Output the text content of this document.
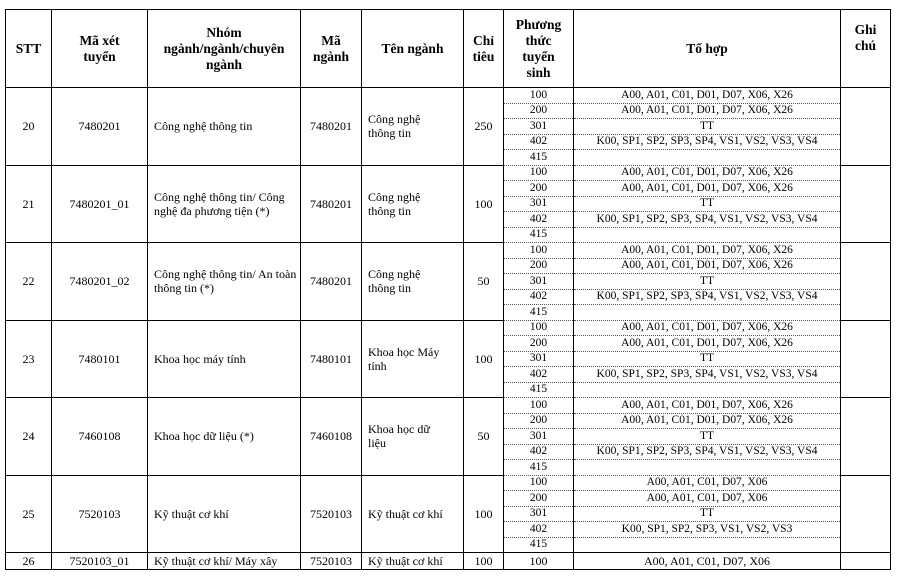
STT	Mã xét tuyển	Nhóm ngành/ngành/chuyên ngành	Mã ngành	Tên ngành	Chỉ tiêu	Phương thức tuyển sinh	Tổ hợp	Ghi chú
20	7480201	Công nghệ thông tin	7480201	Công nghệ thông tin	250	100	A00, A01, C01, D01, D07, X06, X26	
						200	A00, A01, C01, D01, D07, X06, X26	
						301	TT	
						402	K00, SP1, SP2, SP3, SP4, VS1, VS2, VS3, VS4	
						415		
21	7480201_01	Công nghệ thông tin/ Công nghệ đa phương tiện (*)	7480201	Công nghệ thông tin	100	100	A00, A01, C01, D01, D07, X06, X26	
						200	A00, A01, C01, D01, D07, X06, X26	
						301	TT	
						402	K00, SP1, SP2, SP3, SP4, VS1, VS2, VS3, VS4	
						415		
22	7480201_02	Công nghệ thông tin/ An toàn thông tin (*)	7480201	Công nghệ thông tin	50	100	A00, A01, C01, D01, D07, X06, X26	
						200	A00, A01, C01, D01, D07, X06, X26	
						301	TT	
						402	K00, SP1, SP2, SP3, SP4, VS1, VS2, VS3, VS4	
						415		
23	7480101	Khoa học máy tính	7480101	Khoa học Máy tính	100	100	A00, A01, C01, D01, D07, X06, X26	
						200	A00, A01, C01, D01, D07, X06, X26	
						301	TT	
						402	K00, SP1, SP2, SP3, SP4, VS1, VS2, VS3, VS4	
						415		
24	7460108	Khoa học dữ liệu (*)	7460108	Khoa học dữ liệu	50	100	A00, A01, C01, D01, D07, X06, X26	
						200	A00, A01, C01, D01, D07, X06, X26	
						301	TT	
						402	K00, SP1, SP2, SP3, SP4, VS1, VS2, VS3, VS4	
						415		
25	7520103	Kỹ thuật cơ khí	7520103	Kỹ thuật cơ khí	100	100	A00, A01, C01, D07, X06	
						200	A00, A01, C01, D07, X06	
						301	TT	
						402	K00, SP1, SP2, SP3, VS1, VS2, VS3	
						415		
26	7520103_01	Kỹ thuật cơ khí/ Máy xây	7520103	Kỹ thuật cơ khí	100	100	A00, A01, C01, D07, X06	
